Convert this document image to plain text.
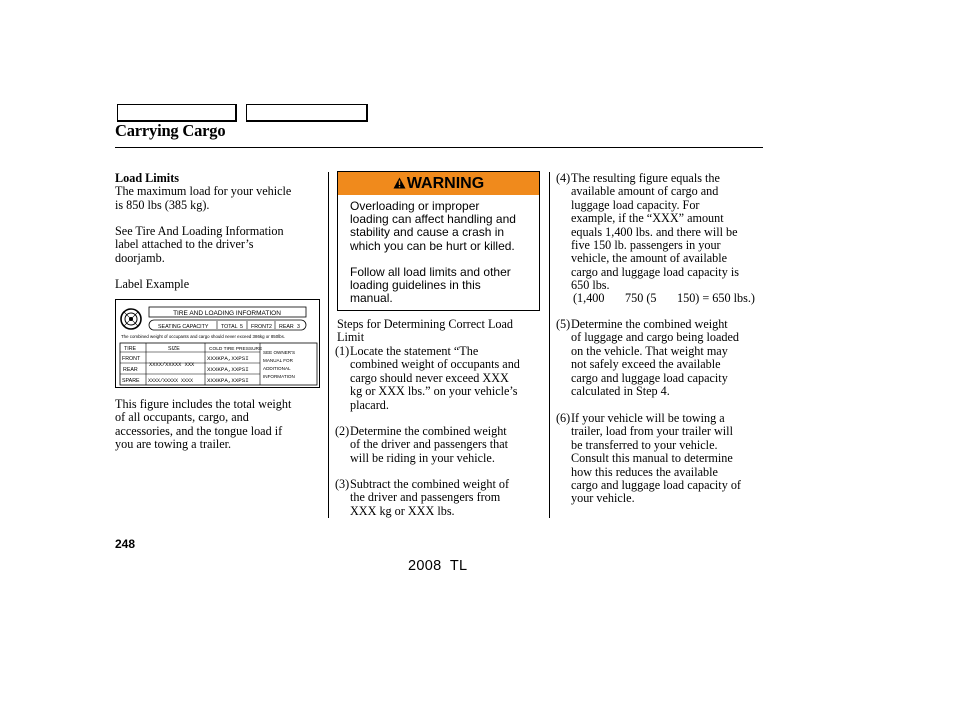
Carrying Cargo
Load Limits
The maximum load for your vehicle
is 850 lbs (385 kg).
See Tire And Loading Information
label attached to the driver’s
doorjamb.
Label Example
TIRE AND LOADING INFORMATION
SEATING CAPACITY TOTAL 5 FRONT 2 REAR 3
The combined weight of occupants and cargo should never exceed 386kg or 850lbs.
TIRE	SIZE	COLD TIRE PRESSURE
FRONT
REAR
SPARE
XXXX/XXXXX XXX
XXXX/XXXXX XXXX
XXXKPA,XXPSI
XXXKPA,XXPSI
XXXKPA,XXPSI
SEE OWNER'S
MANUAL FOR
ADDITIONAL
INFORMATION
This figure includes the total weight
of all occupants, cargo, and
accessories, and the tongue load if
you are towing a trailer.
WARNING

Overloading or improper
loading can affect handling and
stability and cause a crash in
which you can be hurt or killed.

Follow all load limits and other
loading guidelines in this
manual.

Steps for Determining Correct Load
Limit
(1) Locate the statement “The
combined weight of occupants and
cargo should never exceed XXX
kg or XXX lbs.” on your vehicle’s
placard.
(2) Determine the combined weight
of the driver and passengers that
will be riding in your vehicle.
(3) Subtract the combined weight of
the driver and passengers from
XXX kg or XXX lbs.
(4) The resulting figure equals the
available amount of cargo and
luggage load capacity. For
example, if the “XXX” amount
equals 1,400 lbs. and there will be
five 150 lb. passengers in your
vehicle, the amount of available
cargo and luggage load capacity is
650 lbs.
(1,400 750 (5 150) = 650 lbs.)
(5) Determine the combined weight
of luggage and cargo being loaded
on the vehicle. That weight may
not safely exceed the available
cargo and luggage load capacity
calculated in Step 4.
(6) If your vehicle will be towing a
trailer, load from your trailer will
be transferred to your vehicle.
Consult this manual to determine
how this reduces the available
cargo and luggage load capacity of
your vehicle.
248
2008  TL
